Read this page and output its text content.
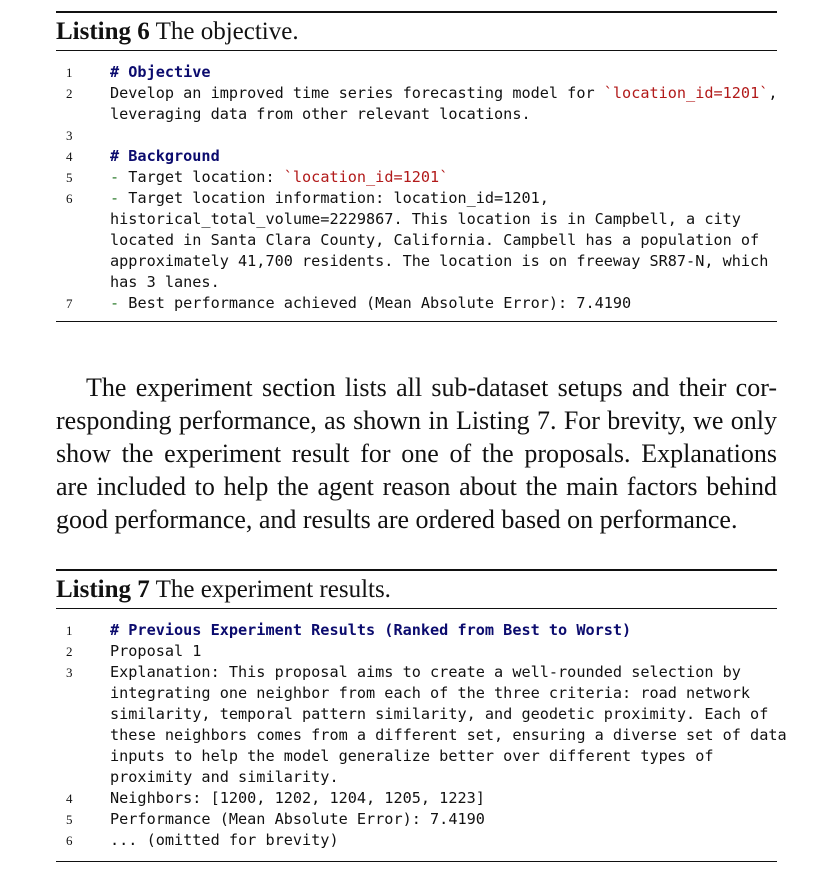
Listing 6 The objective.
1	# Objective
2	Develop an improved time series forecasting model for `location_id=1201`,
leveraging data from other relevant locations.
3
4	# Background
5	- Target location: `location_id=1201`
6	- Target location information: location_id=1201,
historical_total_volume=2229867. This location is in Campbell, a city
located in Santa Clara County, California. Campbell has a population of
approximately 41,700 residents. The location is on freeway SR87-N, which
has 3 lanes.
7	- Best performance achieved (Mean Absolute Error): 7.4190
The experiment section lists all sub-dataset setups and their cor-
responding performance, as shown in Listing 7. For brevity, we only
show the experiment result for one of the proposals. Explanations
are included to help the agent reason about the main factors behind
good performance, and results are ordered based on performance.
Listing 7 The experiment results.
1	# Previous Experiment Results (Ranked from Best to Worst)
2	Proposal 1
3	Explanation: This proposal aims to create a well-rounded selection by
integrating one neighbor from each of the three criteria: road network
similarity, temporal pattern similarity, and geodetic proximity. Each of
these neighbors comes from a different set, ensuring a diverse set of data
inputs to help the model generalize better over different types of
proximity and similarity.
4	Neighbors: [1200, 1202, 1204, 1205, 1223]
5	Performance (Mean Absolute Error): 7.4190
6	... (omitted for brevity)
